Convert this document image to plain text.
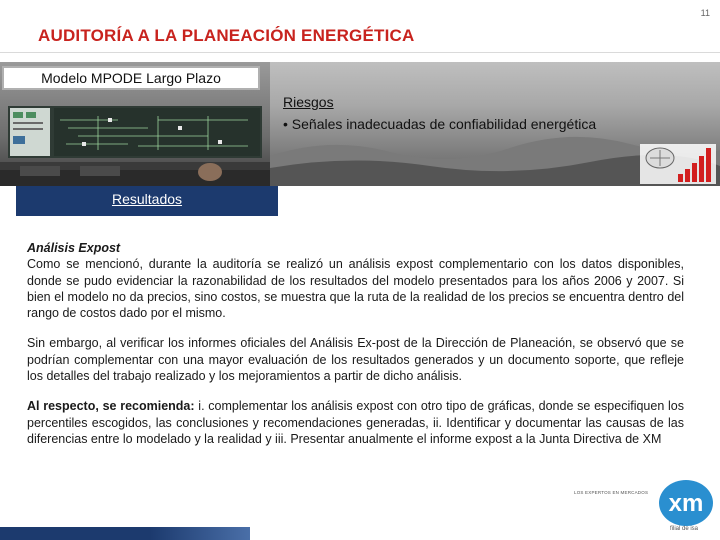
11
AUDITORÍA A LA PLANEACIÓN ENERGÉTICA
Modelo MPODE Largo Plazo
Riesgos
• Señales inadecuadas de confiabilidad energética
Resultados

Análisis Expost

Como se mencionó, durante la auditoría se realizó un análisis expost complementario con los datos disponibles, donde se pudo evidenciar la razonabilidad de los resultados del modelo presentados para los años 2006 y 2007. Si bien el modelo no da precios, sino costos, se muestra que la ruta de la realidad de los precios se encuentra dentro del rango de costos dado por el mismo.

Sin embargo, al verificar los informes oficiales del Análisis Ex-post de la Dirección de Planeación, se observó que se podrían complementar con una mayor evaluación de los resultados generados y un documento soporte, que refleje los detalles del trabajo realizado y los mejoramientos a partir de dicho análisis.

Al respecto, se recomienda: i. complementar los análisis expost con otro tipo de gráficas, donde se especifiquen los percentiles escogidos, las conclusiones y recomendaciones generadas, ii. Identificar y documentar las causas de las diferencias entre lo modelado y la realidad y iii. Presentar anualmente el informe expost a la Junta Directiva de XM

LOS EXPERTOS EN MERCADOS xm
filial de isa
